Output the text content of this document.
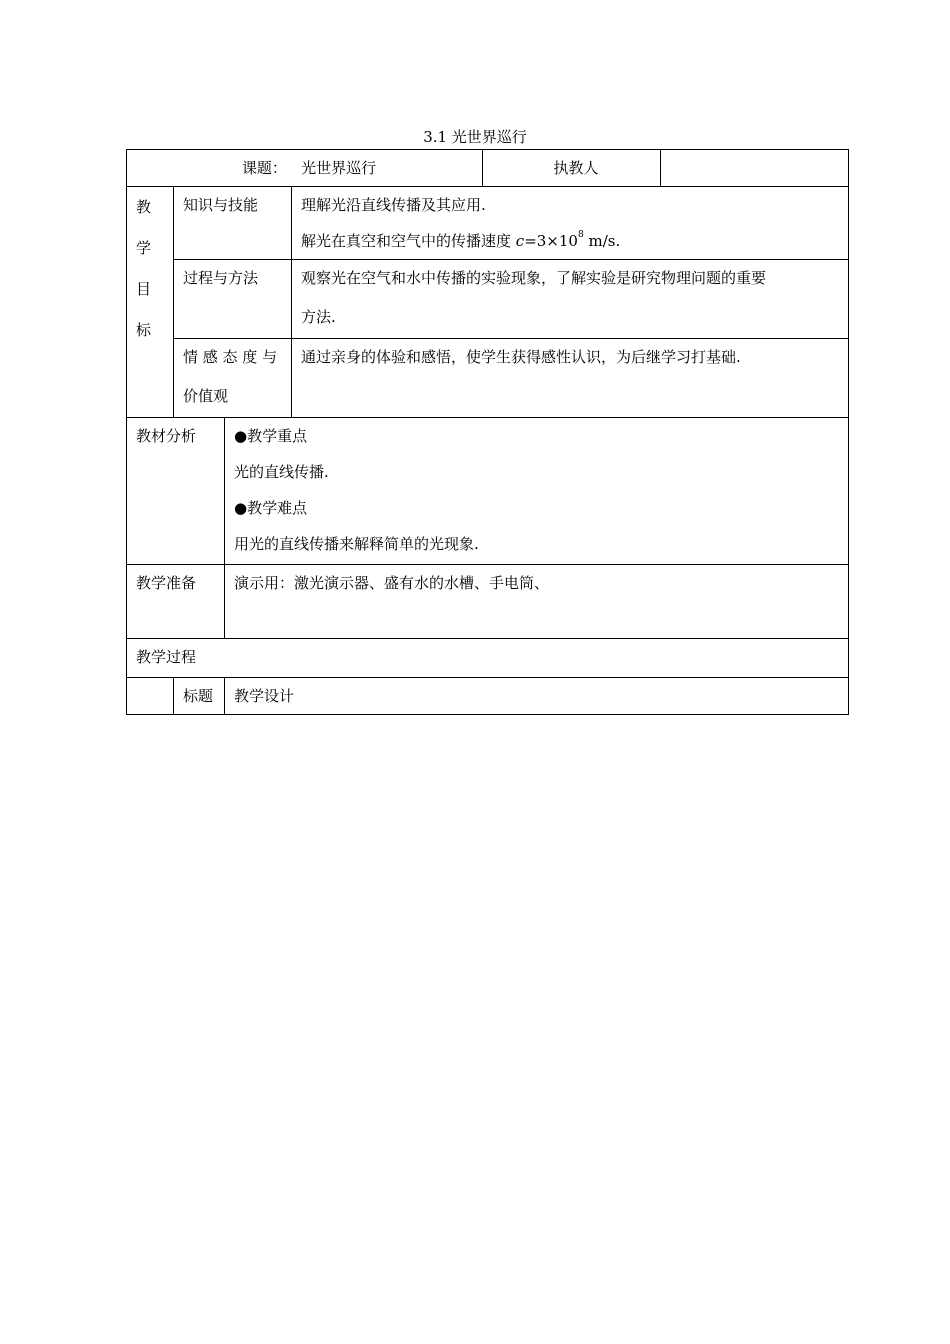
3.1 光世界巡行
课题： 光世界巡行				执教人	

教
学
目
标	知识与技能		理解光沿直线传播及其应用.
解光在真空和空气中的传播速度 $c=3\times 10^8$ m/s.		

	过程与方法		观察光在空气和水中传播的实验现象，了解实验是研究物理问题的重要
方法.		

	情 感 态 度 与
价值观		通过亲身的体验和感悟，使学生获得感性认识，为后继学习打基础.		
教材分析		●教学重点
光的直线传播.
●教学难点
用光的直线传播来解释简单的光现象.			

教学准备		演示用：激光演示器、盛有水的水槽、手电筒、			
教学过程					
	标题	教学设计			
